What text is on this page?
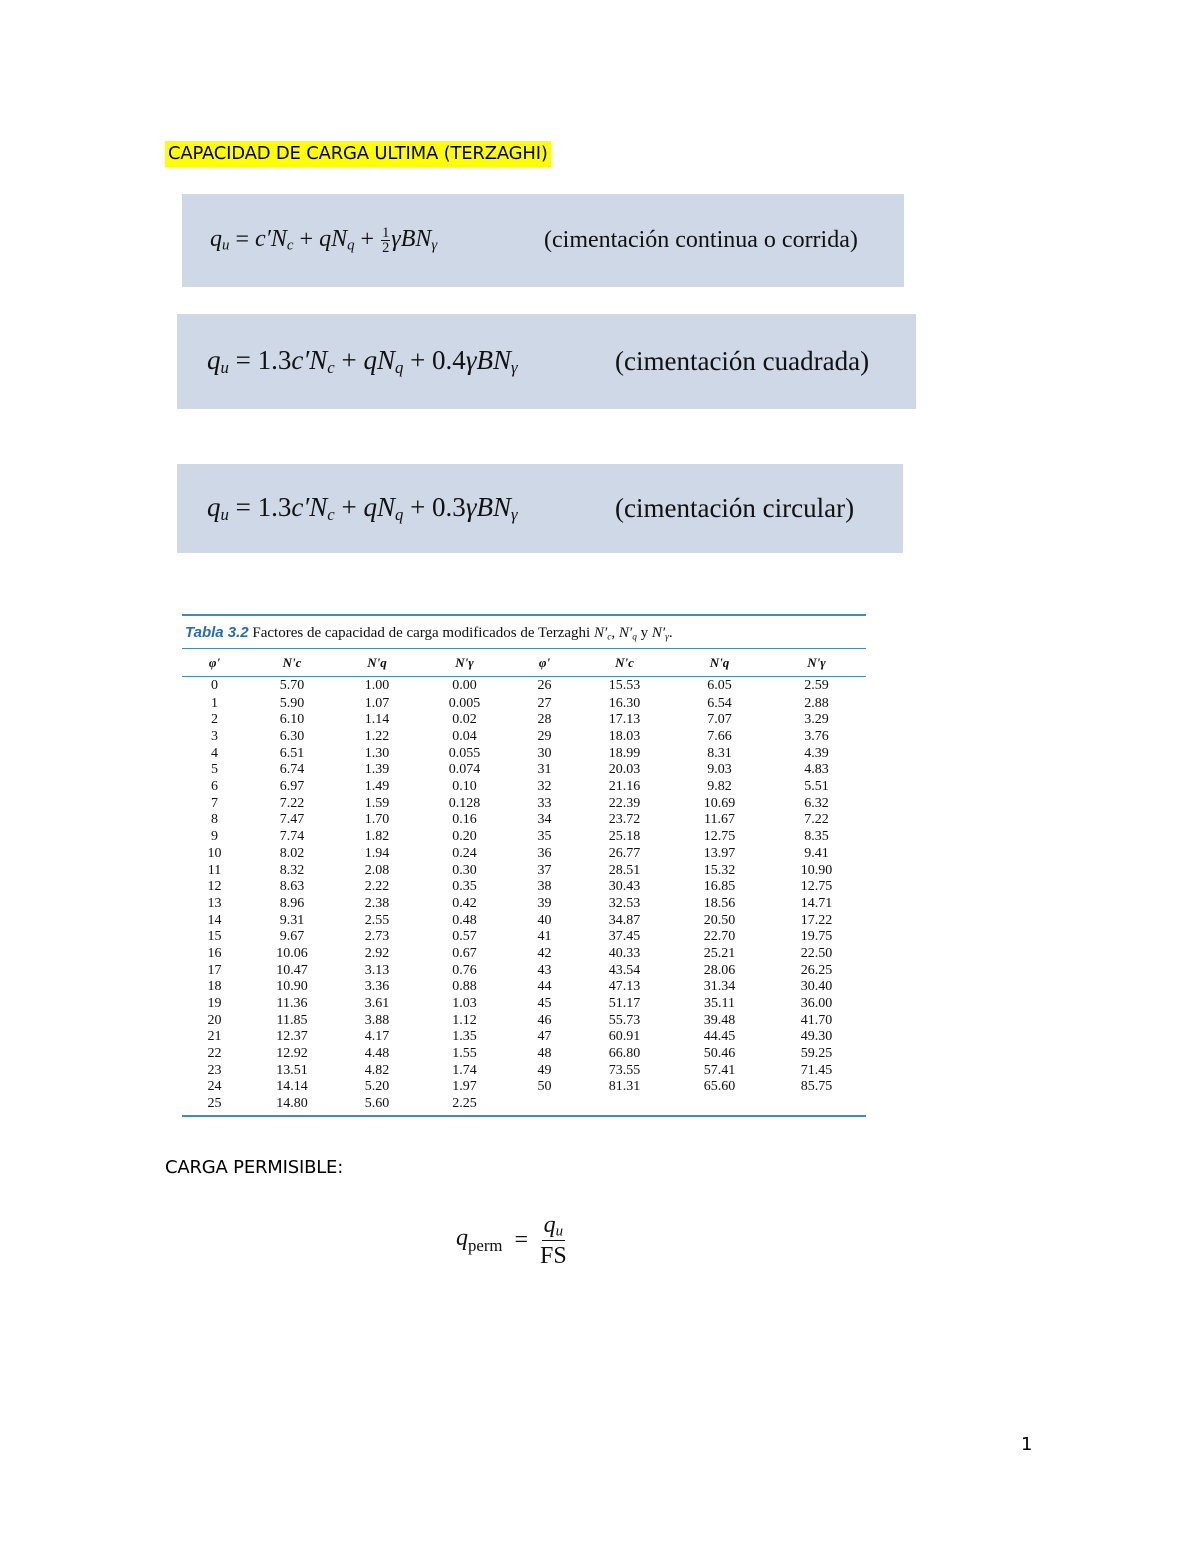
CAPACIDAD DE CARGA ULTIMA (TERZAGHI)
$q_u = c'N_c + qN_q + \frac{1}{2} \gamma BN_\gamma$	(cimentación continua o corrida)
$q_u = 1.3c'N_c + qN_q + 0.4\gamma BN_\gamma$	(cimentación cuadrada)
$q_u = 1.3c'N_c + qN_q + 0.3\gamma BN_\gamma$	(cimentación circular)
Tabla 3.2 Factores de capacidad de carga modificados de Terzaghi $N'_c$, $N'_q$ y $N'_\gamma$.
φ'	N'c	N'q	N'γ	φ'	N'c	N'q	N'γ
0	5.70	1.00	0.00	26	15.53	6.05	2.59
1	5.90	1.07	0.005	27	16.30	6.54	2.88
2	6.10	1.14	0.02	28	17.13	7.07	3.29
3	6.30	1.22	0.04	29	18.03	7.66	3.76
4	6.51	1.30	0.055	30	18.99	8.31	4.39
5	6.74	1.39	0.074	31	20.03	9.03	4.83
6	6.97	1.49	0.10	32	21.16	9.82	5.51
7	7.22	1.59	0.128	33	22.39	10.69	6.32
8	7.47	1.70	0.16	34	23.72	11.67	7.22
9	7.74	1.82	0.20	35	25.18	12.75	8.35
10	8.02	1.94	0.24	36	26.77	13.97	9.41
11	8.32	2.08	0.30	37	28.51	15.32	10.90
12	8.63	2.22	0.35	38	30.43	16.85	12.75
13	8.96	2.38	0.42	39	32.53	18.56	14.71
14	9.31	2.55	0.48	40	34.87	20.50	17.22
15	9.67	2.73	0.57	41	37.45	22.70	19.75
16	10.06	2.92	0.67	42	40.33	25.21	22.50
17	10.47	3.13	0.76	43	43.54	28.06	26.25
18	10.90	3.36	0.88	44	47.13	31.34	30.40
19	11.36	3.61	1.03	45	51.17	35.11	36.00
20	11.85	3.88	1.12	46	55.73	39.48	41.70
21	12.37	4.17	1.35	47	60.91	44.45	49.30
22	12.92	4.48	1.55	48	66.80	50.46	59.25
23	13.51	4.82	1.74	49	73.55	57.41	71.45
24	14.14	5.20	1.97	50	81.31	65.60	85.75
25	14.80	5.60	2.25				
CARGA PERMISIBLE:
$q_{perm} = \frac{q_u}{FS}$
1
